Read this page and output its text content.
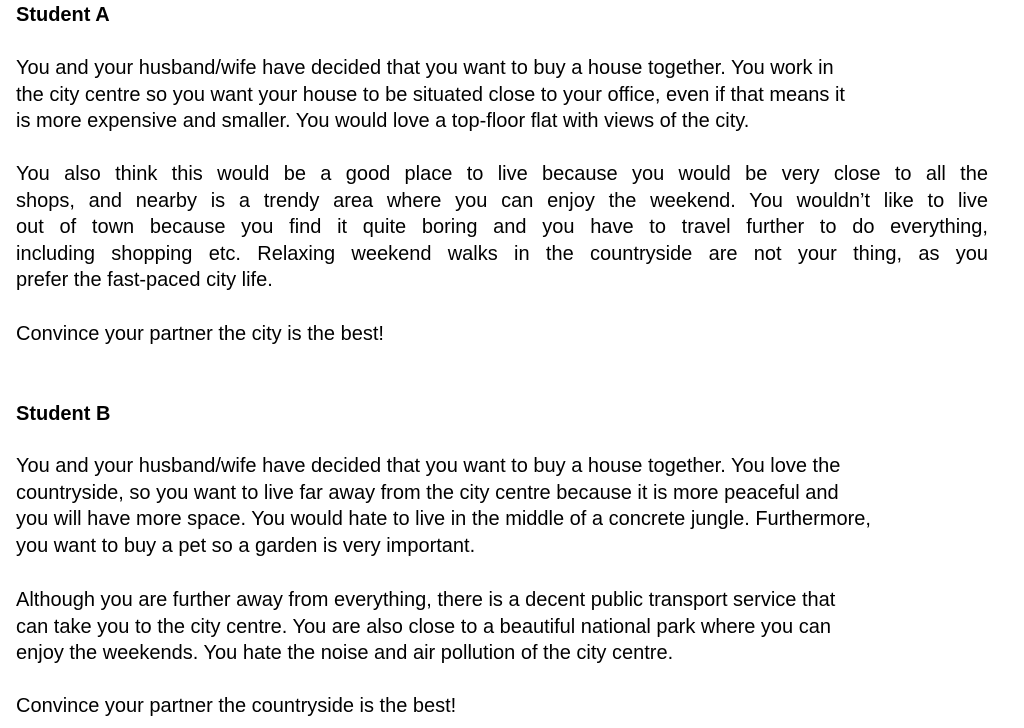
Student A

You and your husband/wife have decided that you want to buy a house together. You work in
the city centre so you want your house to be situated close to your office, even if that means it
is more expensive and smaller. You would love a top-floor flat with views of the city.

You also think this would be a good place to live because you would be very close to all the
shops, and nearby is a trendy area where you can enjoy the weekend. You wouldn’t like to live
out of town because you find it quite boring and you have to travel further to do everything,
including shopping etc. Relaxing weekend walks in the countryside are not your thing, as you
prefer the fast-paced city life.

Convince your partner the city is the best!

Student B

You and your husband/wife have decided that you want to buy a house together. You love the
countryside, so you want to live far away from the city centre because it is more peaceful and
you will have more space. You would hate to live in the middle of a concrete jungle. Furthermore,
you want to buy a pet so a garden is very important.

Although you are further away from everything, there is a decent public transport service that
can take you to the city centre. You are also close to a beautiful national park where you can
enjoy the weekends. You hate the noise and air pollution of the city centre.

Convince your partner the countryside is the best!
